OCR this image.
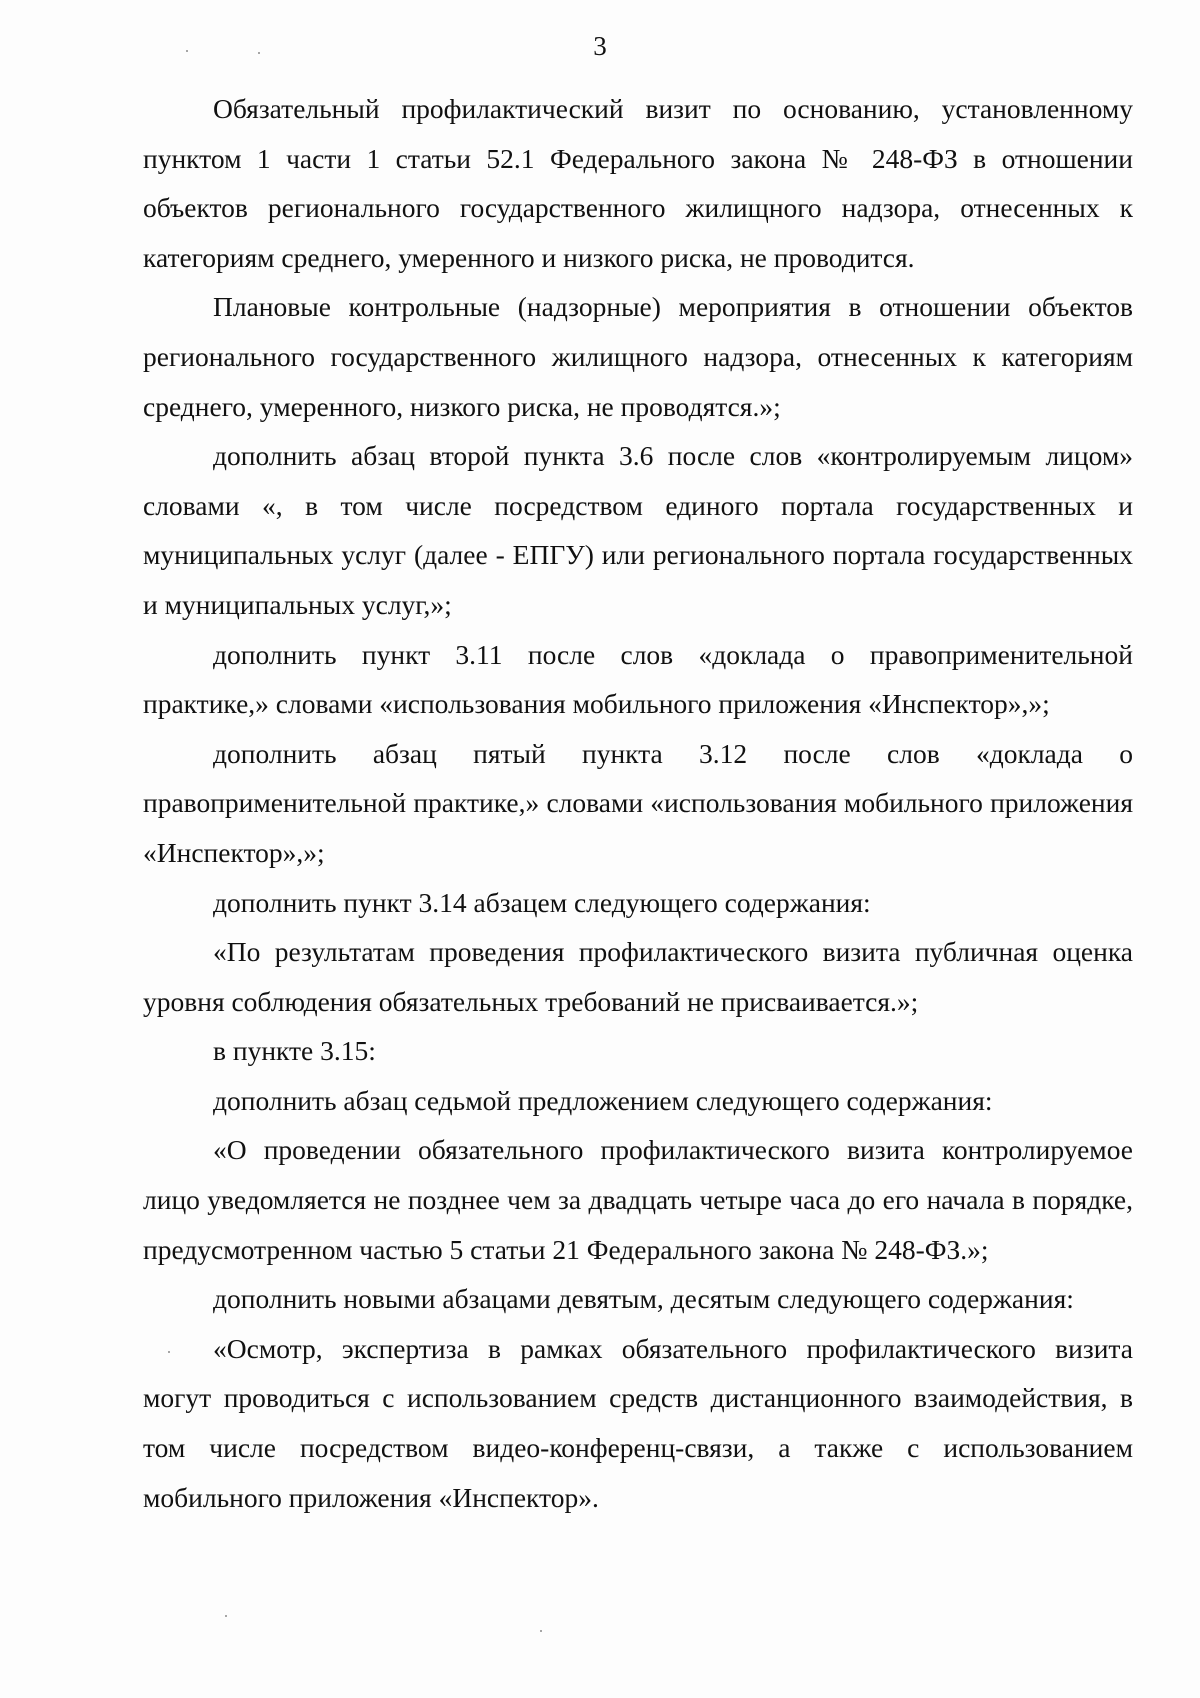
3

Обязательный профилактический визит по основанию, установленному пунктом 1 части 1 статьи 52.1 Федерального закона № 248-ФЗ в отношении объектов регионального государственного жилищного надзора, отнесенных к категориям среднего, умеренного и низкого риска, не проводится.

Плановые контрольные (надзорные) мероприятия в отношении объектов регионального государственного жилищного надзора, отнесенных к категориям среднего, умеренного, низкого риска, не проводятся.»;

дополнить абзац второй пункта 3.6 после слов «контролируемым лицом» словами «, в том числе посредством единого портала государственных и муниципальных услуг (далее - ЕПГУ) или регионального портала государственных и муниципальных услуг,»;

дополнить пункт 3.11 после слов «доклада о правоприменительной практике,» словами «использования мобильного приложения «Инспектор»,»;

дополнить абзац пятый пункта 3.12 после слов «доклада о правоприменительной практике,» словами «использования мобильного приложения «Инспектор»,»;

дополнить пункт 3.14 абзацем следующего содержания:

«По результатам проведения профилактического визита публичная оценка уровня соблюдения обязательных требований не присваивается.»;

в пункте 3.15:

дополнить абзац седьмой предложением следующего содержания:

«О проведении обязательного профилактического визита контролируемое лицо уведомляется не позднее чем за двадцать четыре часа до его начала в порядке, предусмотренном частью 5 статьи 21 Федерального закона № 248-ФЗ.»;

дополнить новыми абзацами девятым, десятым следующего содержания:

«Осмотр, экспертиза в рамках обязательного профилактического визита могут проводиться с использованием средств дистанционного взаимодействия, в том числе посредством видео-конференц-связи, а также с использованием мобильного приложения «Инспектор».
